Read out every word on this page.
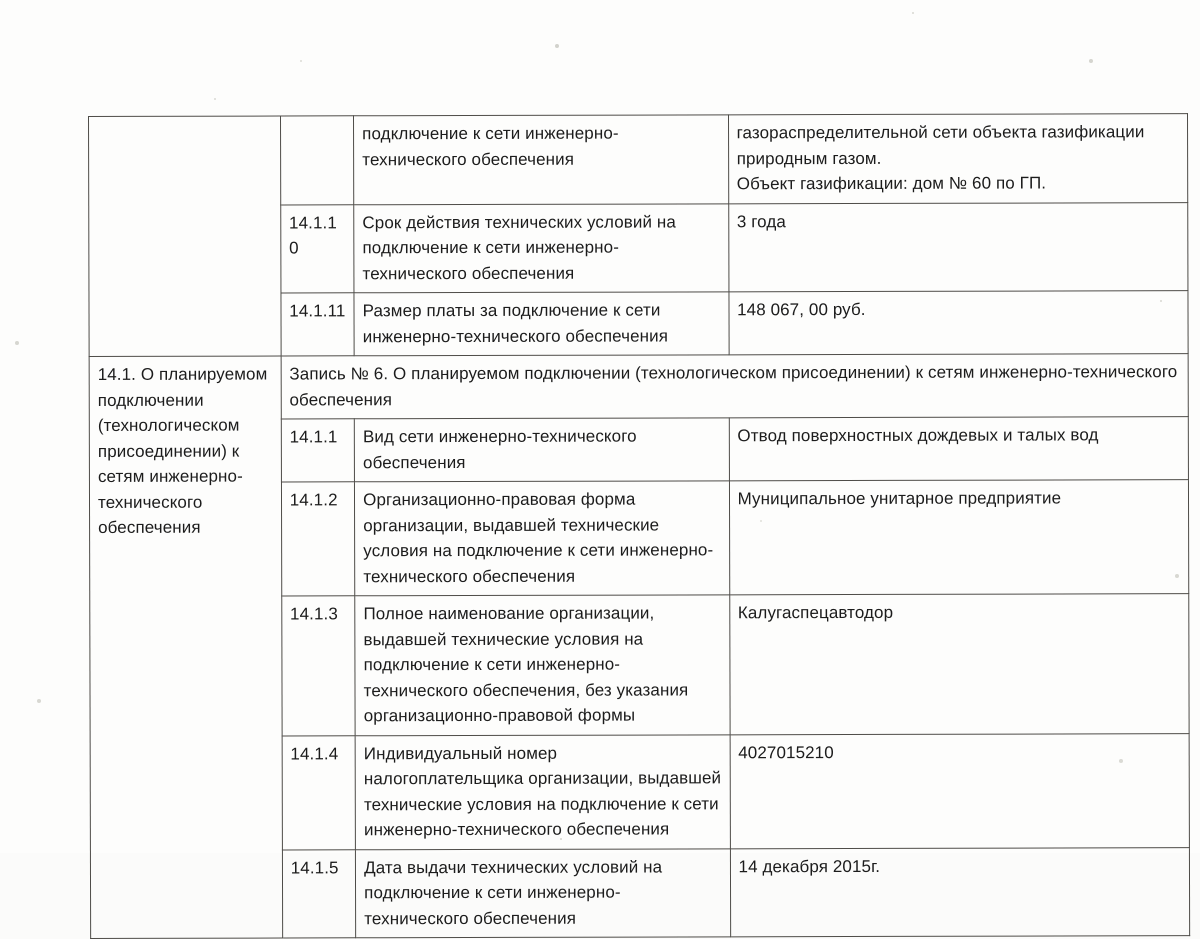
		подключение к сети инженерно-технического обеспечения	газораспределительной сети объекта газификации природным газом.
Объект газификации: дом № 60 по ГП.
	14.1.10	Срок действия технических условий на подключение к сети инженерно-технического обеспечения	3 года
	14.1.11	Размер платы за подключение к сети инженерно-технического обеспечения	148 067, 00 руб.
14.1. О планируемом подключении (технологическом присоединении) к сетям инженерно-технического обеспечения	Запись № 6. О планируемом подключении (технологическом присоединении) к сетям инженерно-технического обеспечения		
	14.1.1	Вид сети инженерно-технического обеспечения	Отвод поверхностных дождевых и талых вод
	14.1.2	Организационно-правовая форма организации, выдавшей технические условия на подключение к сети инженерно-технического обеспечения	Муниципальное унитарное предприятие
	14.1.3	Полное наименование организации, выдавшей технические условия на подключение к сети инженерно-технического обеспечения, без указания организационно-правовой формы	Калугаспецавтодор
	14.1.4	Индивидуальный номер налогоплательщика организации, выдавшей технические условия на подключение к сети инженерно-технического обеспечения	4027015210
	14.1.5	Дата выдачи технических условий на подключение к сети инженерно-технического обеспечения	14 декабря 2015г.
